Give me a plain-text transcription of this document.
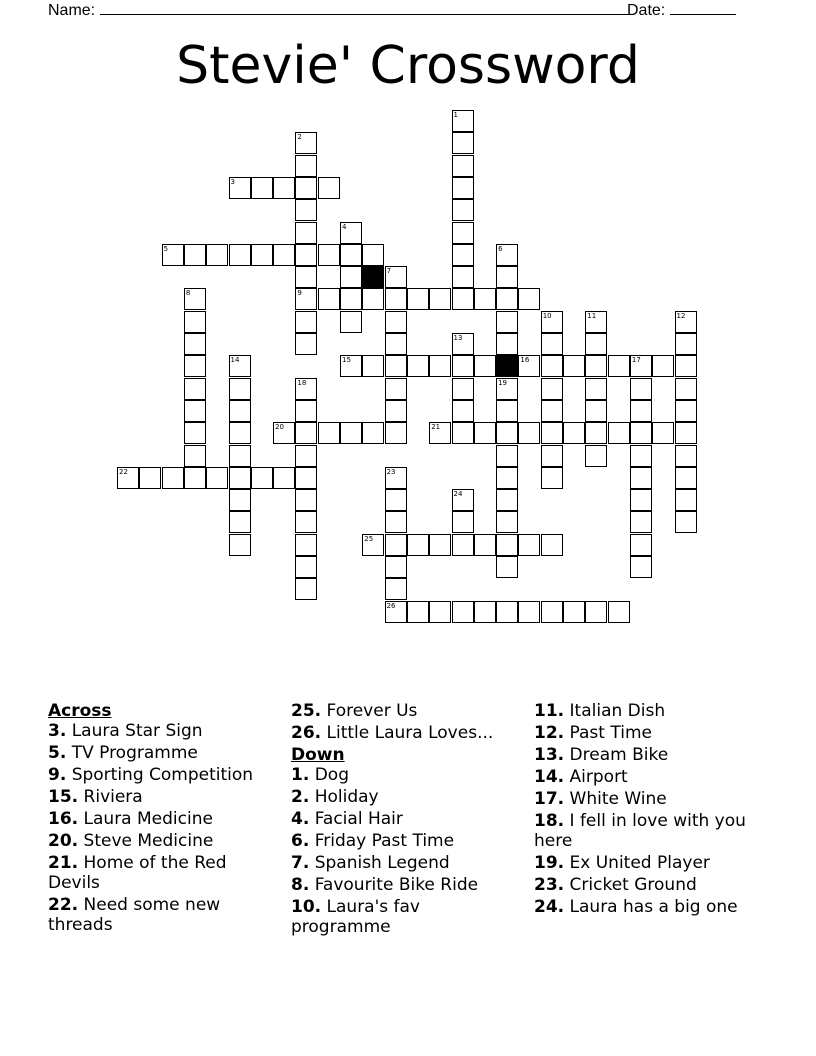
Name:	Date:
Stevie' Crossword
1
2
9
3
4
5	6
19
7
8
10	11	12
13
14	15	16	17
18
20	21
22	23
26
24
25
Across
3. Laura Star Sign
5. TV Programme
9. Sporting Competition
15. Riviera
16. Laura Medicine
20. Steve Medicine
21. Home of the Red Devils
22. Need some new threads
25. Forever Us
26. Little Laura Loves...
Down
1. Dog
2. Holiday
4. Facial Hair
6. Friday Past Time
7. Spanish Legend
8. Favourite Bike Ride
10. Laura's fav programme
11. Italian Dish
12. Past Time
13. Dream Bike
14. Airport
17. White Wine
18. I fell in love with you here
19. Ex United Player
23. Cricket Ground
24. Laura has a big one
